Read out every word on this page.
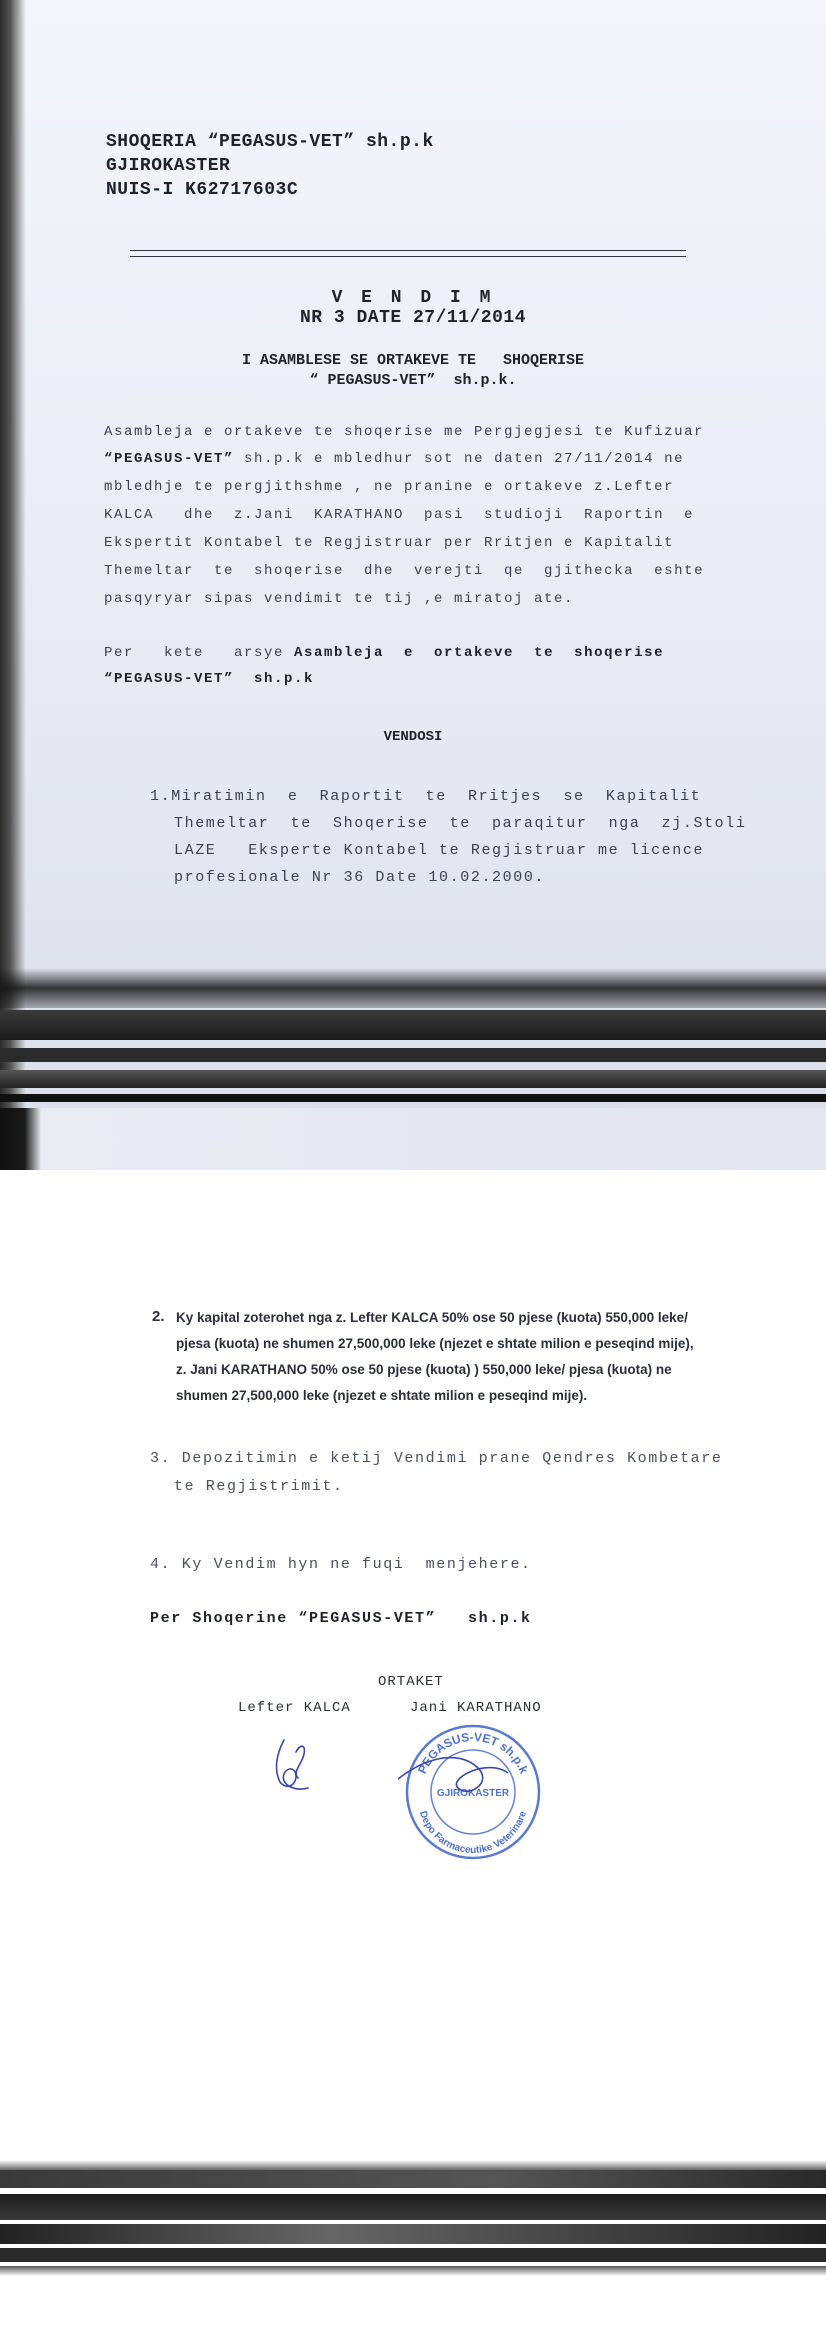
SHOQERIA “PEGASUS-VET” sh.p.k
GJIROKASTER
NUIS-I K62717603C
V E N D I M
NR 3 DATE 27/11/2014
I ASAMBLESE SE ORTAKEVE TE   SHOQERISE
“ PEGASUS-VET”  sh.p.k.
Asambleja e ortakeve te shoqerise me Pergjegjesi te Kufizuar
“PEGASUS-VET” sh.p.k e mbledhur sot ne daten 27/11/2014 ne
mbledhje te pergjithshme , ne pranine e ortakeve z.Lefter
KALCA   dhe  z.Jani  KARATHANO  pasi  studioji  Raportin  e
Ekspertit Kontabel te Regjistruar per Rritjen e Kapitalit
Themeltar  te  shoqerise  dhe  verejti  qe  gjithecka  eshte
pasqyryar sipas vendimit te tij ,e miratoj ate.
Per   kete   arsye Asambleja  e  ortakeve  te  shoqerise
“PEGASUS-VET”  sh.p.k
VENDOSI
1.Miratimin  e  Raportit  te  Rritjes  se  Kapitalit
Themeltar  te  Shoqerise  te  paraqitur  nga  zj.Stoli
LAZE   Eksperte Kontabel te Regjistruar me licence
profesionale Nr 36 Date 10.02.2000.
2. Ky kapital zoterohet nga z. Lefter KALCA 50% ose 50 pjese (kuota) 550,000 leke/
pjesa (kuota) ne shumen 27,500,000 leke (njezet e shtate milion e peseqind mije),
z. Jani KARATHANO 50% ose 50 pjese (kuota) ) 550,000 leke/ pjesa (kuota) ne
shumen 27,500,000 leke (njezet e shtate milion e peseqind mije).
3. Depozitimin e ketij Vendimi prane Qendres Kombetare
te Regjistrimit.
4. Ky Vendim hyn ne fuqi  menjehere.
Per Shoqerine “PEGASUS-VET”   sh.p.k
ORTAKET
Lefter KALCA	Jani KARATHANO
PEGASUS-VET sh.p.k
GJIROKASTER
Depo Farmaceutike Veterinare
